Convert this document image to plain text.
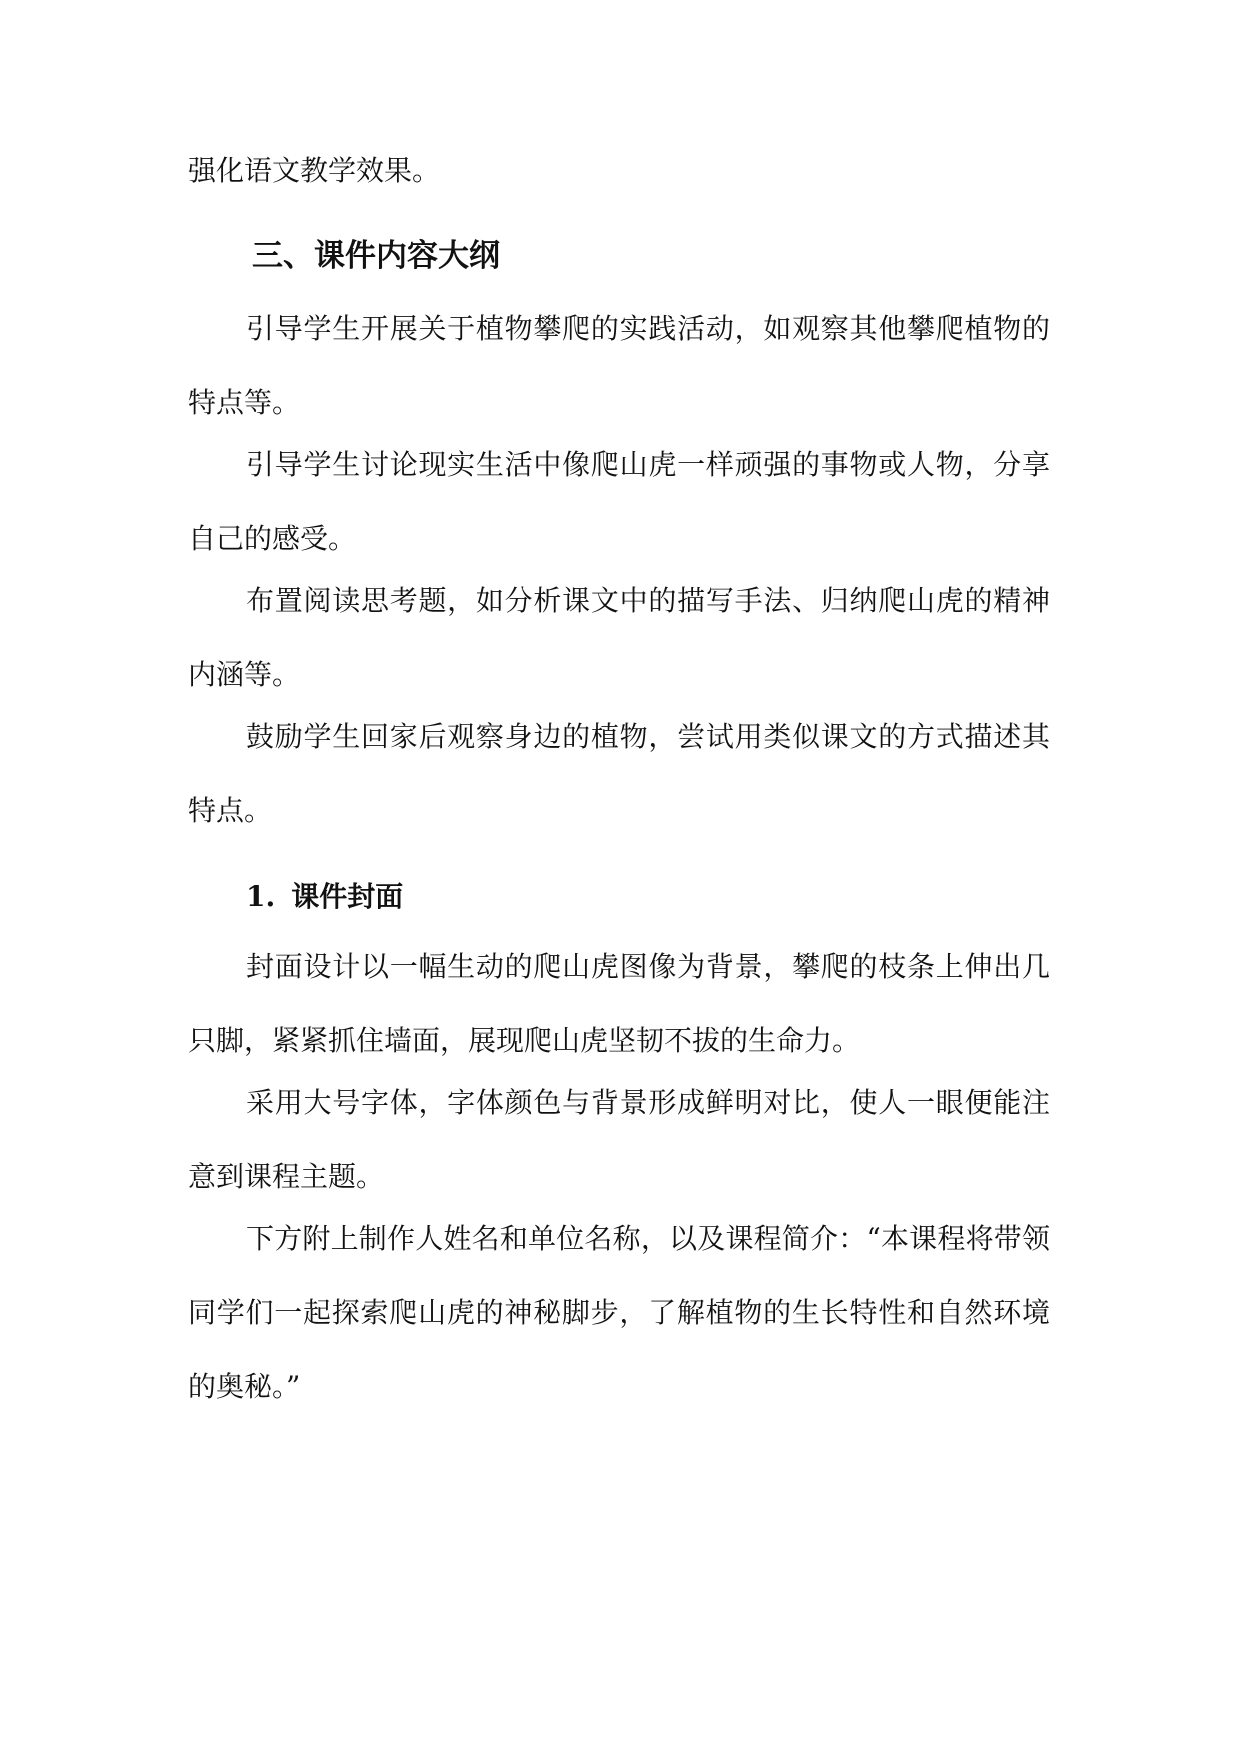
强化语文教学效果。

三、课件内容大纲

引导学生开展关于植物攀爬的实践活动，如观察其他攀爬植物的特点等。

引导学生讨论现实生活中像爬山虎一样顽强的事物或人物，分享自己的感受。

布置阅读思考题，如分析课文中的描写手法、归纳爬山虎的精神内涵等。

鼓励学生回家后观察身边的植物，尝试用类似课文的方式描述其特点。

1. 课件封面

封面设计以一幅生动的爬山虎图像为背景，攀爬的枝条上伸出几只脚，紧紧抓住墙面，展现爬山虎坚韧不拔的生命力。

采用大号字体，字体颜色与背景形成鲜明对比，使人一眼便能注意到课程主题。

下方附上制作人姓名和单位名称，以及课程简介：“本课程将带领同学们一起探索爬山虎的神秘脚步，了解植物的生长特性和自然环境的奥秘。”
